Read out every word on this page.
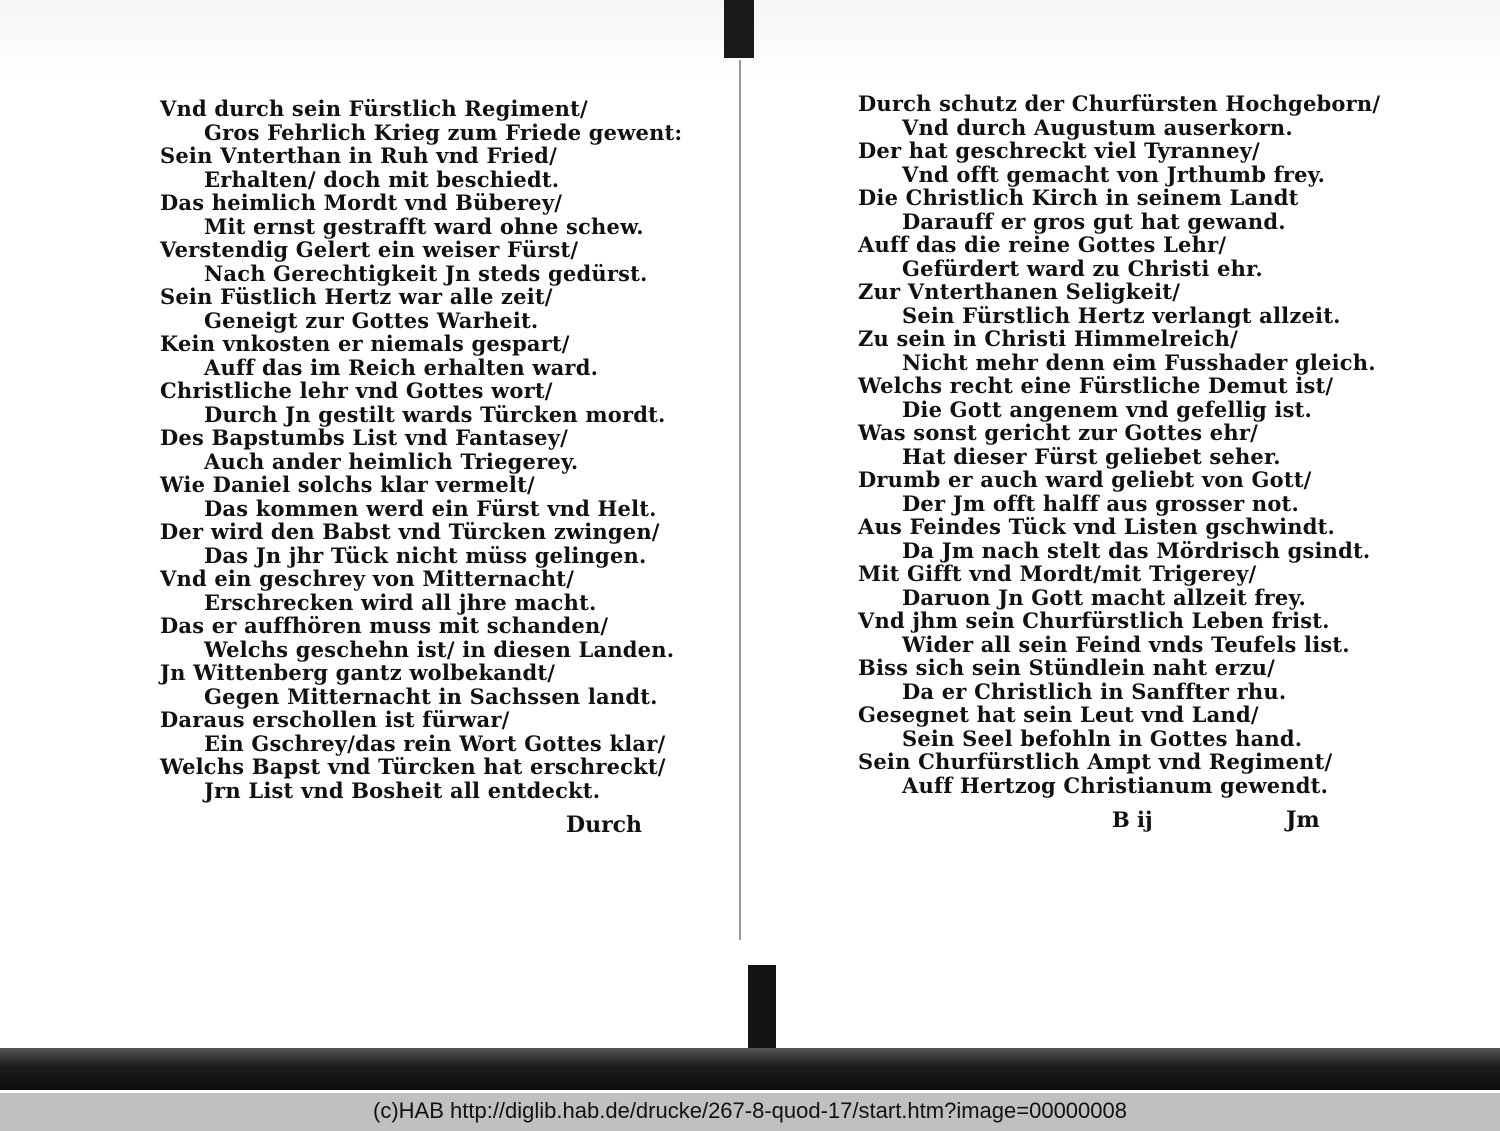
Vnd durch sein Fürstlich Regiment/
Gros Fehrlich Krieg zum Friede gewent:
Sein Vnterthan in Ruh vnd Fried/
Erhalten/ doch mit beschiedt.
Das heimlich Mordt vnd Büberey/
Mit ernst gestrafft ward ohne schew.
Verstendig Gelert ein weiser Fürst/
Nach Gerechtigkeit Jn steds gedürst.
Sein Füstlich Hertz war alle zeit/
Geneigt zur Gottes Warheit.
Kein vnkosten er niemals gespart/
Auff das im Reich erhalten ward.
Christliche lehr vnd Gottes wort/
Durch Jn gestilt wards Türcken mordt.
Des Bapstumbs List vnd Fantasey/
Auch ander heimlich Triegerey.
Wie Daniel solchs klar vermelt/
Das kommen werd ein Fürst vnd Helt.
Der wird den Babst vnd Türcken zwingen/
Das Jn jhr Tück nicht müss gelingen.
Vnd ein geschrey von Mitternacht/
Erschrecken wird all jhre macht.
Das er auffhören muss mit schanden/
Welchs geschehn ist/ in diesen Landen.
Jn Wittenberg gantz wolbekandt/
Gegen Mitternacht in Sachssen landt.
Daraus erschollen ist fürwar/
Ein Gschrey/das rein Wort Gottes klar/
Welchs Bapst vnd Türcken hat erschreckt/
Jrn List vnd Bosheit all entdeckt.
Durch
Durch schutz der Churfürsten Hochgeborn/
Vnd durch Augustum auserkorn.
Der hat geschreckt viel Tyranney/
Vnd offt gemacht von Jrthumb frey.
Die Christlich Kirch in seinem Landt
Darauff er gros gut hat gewand.
Auff das die reine Gottes Lehr/
Gefürdert ward zu Christi ehr.
Zur Vnterthanen Seligkeit/
Sein Fürstlich Hertz verlangt allzeit.
Zu sein in Christi Himmelreich/
Nicht mehr denn eim Fusshader gleich.
Welchs recht eine Fürstliche Demut ist/
Die Gott angenem vnd gefellig ist.
Was sonst gericht zur Gottes ehr/
Hat dieser Fürst geliebet seher.
Drumb er auch ward geliebt von Gott/
Der Jm offt halff aus grosser not.
Aus Feindes Tück vnd Listen gschwindt.
Da Jm nach stelt das Mördrisch gsindt.
Mit Gifft vnd Mordt/mit Trigerey/
Daruon Jn Gott macht allzeit frey.
Vnd jhm sein Churfürstlich Leben frist.
Wider all sein Feind vnds Teufels list.
Biss sich sein Stündlein naht erzu/
Da er Christlich in Sanffter rhu.
Gesegnet hat sein Leut vnd Land/
Sein Seel befohln in Gottes hand.
Sein Churfürstlich Ampt vnd Regiment/
Auff Hertzog Christianum gewendt.
B ij	Jm
(c)HAB http://diglib.hab.de/drucke/267-8-quod-17/start.htm?image=00000008
